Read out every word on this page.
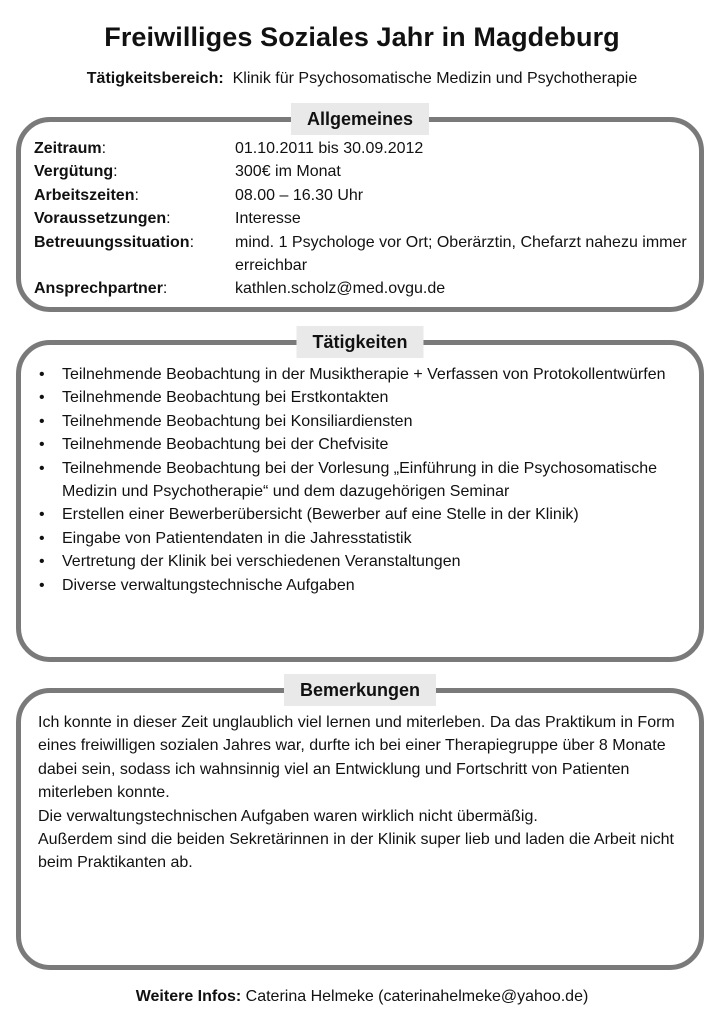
Freiwilliges Soziales Jahr in Magdeburg
Tätigkeitsbereich: Klinik für Psychosomatische Medizin und Psychotherapie
Allgemeines
Zeitraum:	01.10.2011 bis 30.09.2012
Vergütung:	300€ im Monat
Arbeitszeiten:	08.00 – 16.30 Uhr
Voraussetzungen:	Interesse
Betreuungssituation:	mind. 1 Psychologe vor Ort; Oberärztin, Chefarzt nahezu immer erreichbar
Ansprechpartner:	kathlen.scholz@med.ovgu.de
Tätigkeiten
• Teilnehmende Beobachtung in der Musiktherapie + Verfassen von Protokollentwürfen
• Teilnehmende Beobachtung bei Erstkontakten
• Teilnehmende Beobachtung bei Konsiliardiensten
• Teilnehmende Beobachtung bei der Chefvisite
• Teilnehmende Beobachtung bei der Vorlesung „Einführung in die Psychosomatische Medizin und Psychotherapie“ und dem dazugehörigen Seminar
• Erstellen einer Bewerberübersicht (Bewerber auf eine Stelle in der Klinik)
• Eingabe von Patientendaten in die Jahresstatistik
• Vertretung der Klinik bei verschiedenen Veranstaltungen
• Diverse verwaltungstechnische Aufgaben
Bemerkungen

Ich konnte in dieser Zeit unglaublich viel lernen und miterleben. Da das Praktikum in Form eines freiwilligen sozialen Jahres war, durfte ich bei einer Therapiegruppe über 8 Monate dabei sein, sodass ich wahnsinnig viel an Entwicklung und Fortschritt von Patienten miterleben konnte.

Die verwaltungstechnischen Aufgaben waren wirklich nicht übermäßig.

Außerdem sind die beiden Sekretärinnen in der Klinik super lieb und laden die Arbeit nicht beim Praktikanten ab.

Weitere Infos: Caterina Helmeke (caterinahelmeke@yahoo.de)
